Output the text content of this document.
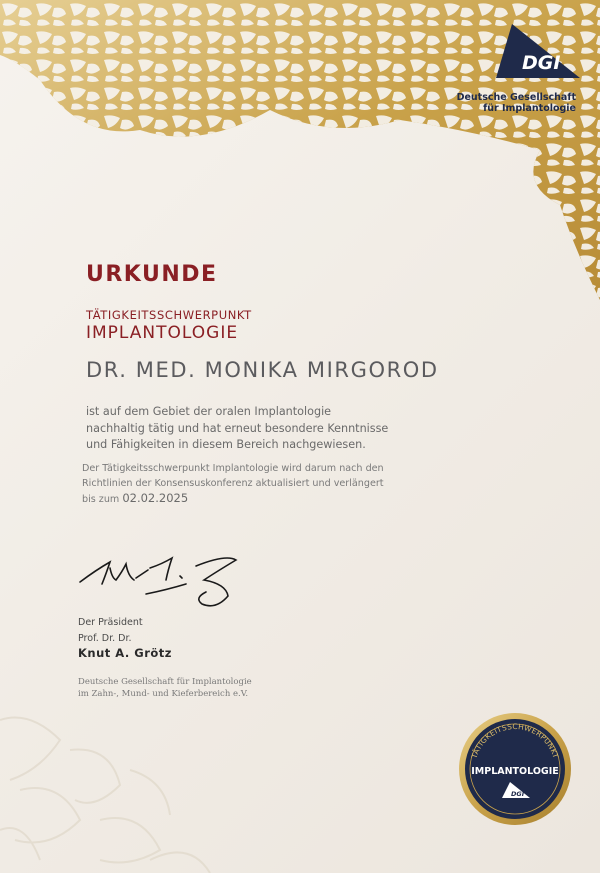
DGI
Deutsche Gesellschaft
für Implantologie
URKUNDE
TÄTIGKEITSSCHWERPUNKT
IMPLANTOLOGIE
DR. MED. MONIKA MIRGOROD
ist auf dem Gebiet der oralen Implantologie
nachhaltig tätig und hat erneut besondere Kenntnisse
und Fähigkeiten in diesem Bereich nachgewiesen.
Der Tätigkeitsschwerpunkt Implantologie wird darum nach den
Richtlinien der Konsensuskonferenz aktualisiert und verlängert
bis zum 02.02.2025
Der Präsident
Prof. Dr. Dr.
Knut A. Grötz
Deutsche Gesellschaft für Implantologie
im Zahn-, Mund- und Kieferbereich e.V.
TÄTIGKEITSSCHWERPUNKT
IMPLANTOLOGIE
DGI
